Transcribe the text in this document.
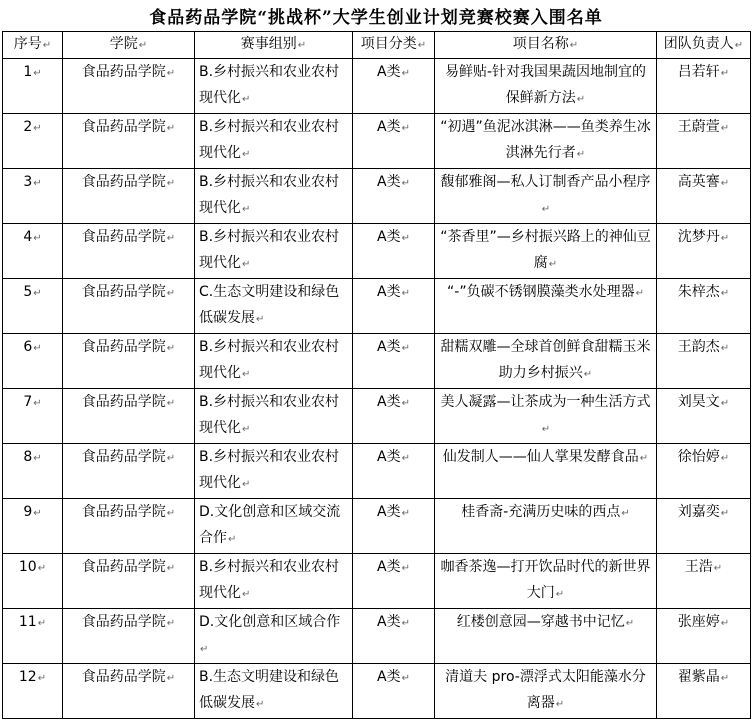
食品药品学院“挑战杯”大学生创业计划竞赛校赛入围名单
序号↵	学院↵	赛事组别↵	项目分类↵	项目名称↵	团队负责人↵
1↵	食品药品学院↵	B.乡村振兴和农业农村现代化↵	A类↵	易鲜贴-针对我国果蔬因地制宜的保鲜新方法↵	吕若轩↵
2↵	食品药品学院↵	B.乡村振兴和农业农村现代化↵	A类↵	“初遇”鱼泥冰淇淋——鱼类养生冰淇淋先行者↵	王蔚萱↵
3↵	食品药品学院↵	B.乡村振兴和农业农村现代化↵	A类↵	馥郁雅阁—私人订制香产品小程序↵	高英謇↵
4↵	食品药品学院↵	B.乡村振兴和农业农村现代化↵	A类↵	“茶香里”—乡村振兴路上的神仙豆腐↵	沈梦丹↵
5↵	食品药品学院↵	C.生态文明建设和绿色低碳发展↵	A类↵	“-”负碳不锈钢膜藻类水处理器↵	朱梓杰↵
6↵	食品药品学院↵	B.乡村振兴和农业农村现代化↵	A类↵	甜糯双雕—全球首创鲜食甜糯玉米助力乡村振兴↵	王韵杰↵
7↵	食品药品学院↵	B.乡村振兴和农业农村现代化↵	A类↵	美人凝露—让茶成为一种生活方式↵	刘昊文↵
8↵	食品药品学院↵	B.乡村振兴和农业农村现代化↵	A类↵	仙发制人——仙人掌果发酵食品↵	徐怡婷↵
9↵	食品药品学院↵	D.文化创意和区域交流合作↵	A类↵	桂香斋-充满历史味的西点↵	刘嘉奕↵
10↵	食品药品学院↵	B.乡村振兴和农业农村现代化↵	A类↵	咖香茶逸—打开饮品时代的新世界大门↵	王浩↵
11↵	食品药品学院↵	D.文化创意和区域合作↵	A类↵	红楼创意园—穿越书中记忆↵	张座婷↵
12↵	食品药品学院↵	B.生态文明建设和绿色低碳发展↵	A类↵	清道夫 pro-漂浮式太阳能藻水分离器↵	翟紫晶↵
